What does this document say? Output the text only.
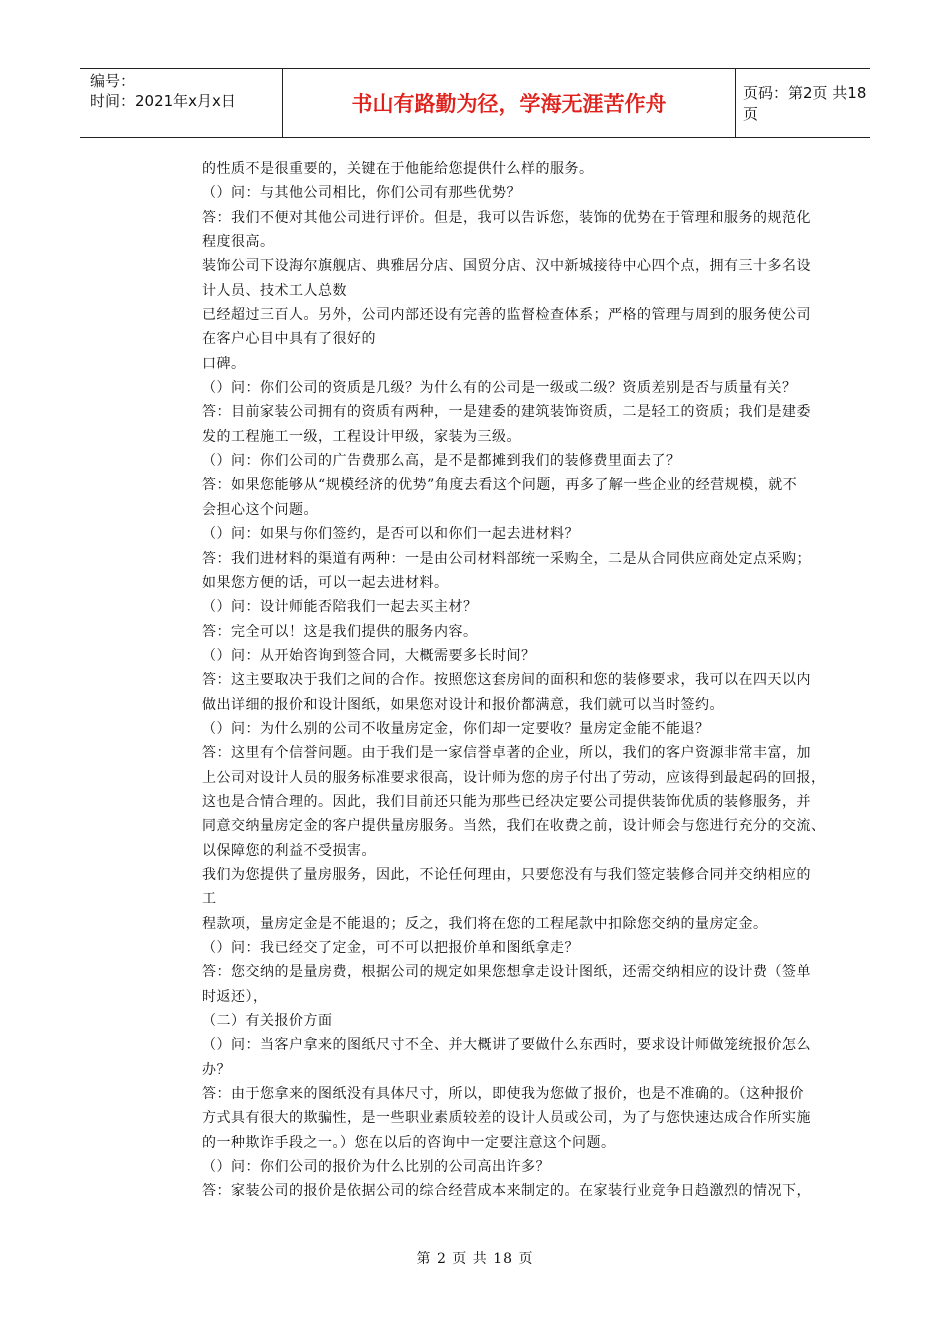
编号：
时间：2021年x月x日	书山有路勤为径，学海无涯苦作舟	页码：第2页 共18页
的性质不是很重要的，关键在于他能给您提供什么样的服务。
（）问：与其他公司相比，你们公司有那些优势？
答：我们不便对其他公司进行评价。但是，我可以告诉您，装饰的优势在于管理和服务的规范化
程度很高。
装饰公司下设海尔旗舰店、典雅居分店、国贸分店、汉中新城接待中心四个点，拥有三十多名设
计人员、技术工人总数
已经超过三百人。另外，公司内部还设有完善的监督检查体系；严格的管理与周到的服务使公司
在客户心目中具有了很好的
口碑。
（）问：你们公司的资质是几级？为什么有的公司是一级或二级？资质差别是否与质量有关？
答：目前家装公司拥有的资质有两种，一是建委的建筑装饰资质，二是轻工的资质；我们是建委
发的工程施工一级，工程设计甲级，家装为三级。
（）问：你们公司的广告费那么高，是不是都摊到我们的装修费里面去了？
答：如果您能够从“规模经济的优势”角度去看这个问题，再多了解一些企业的经营规模，就不
会担心这个问题。
（）问：如果与你们签约，是否可以和你们一起去进材料？
答：我们进材料的渠道有两种：一是由公司材料部统一采购全，二是从合同供应商处定点采购；
如果您方便的话，可以一起去进材料。
（）问：设计师能否陪我们一起去买主材？
答：完全可以！这是我们提供的服务内容。
（）问：从开始咨询到签合同，大概需要多长时间？
答：这主要取决于我们之间的合作。按照您这套房间的面积和您的装修要求，我可以在四天以内
做出详细的报价和设计图纸，如果您对设计和报价都满意，我们就可以当时签约。
（）问：为什么别的公司不收量房定金，你们却一定要收？量房定金能不能退？
答：这里有个信誉问题。由于我们是一家信誉卓著的企业，所以，我们的客户资源非常丰富，加
上公司对设计人员的服务标准要求很高，设计师为您的房子付出了劳动，应该得到最起码的回报，
这也是合情合理的。因此，我们目前还只能为那些已经决定要公司提供装饰优质的装修服务，并
同意交纳量房定金的客户提供量房服务。当然，我们在收费之前，设计师会与您进行充分的交流、
以保障您的利益不受损害。
我们为您提供了量房服务，因此，不论任何理由，只要您没有与我们签定装修合同并交纳相应的
工
程款项，量房定金是不能退的；反之，我们将在您的工程尾款中扣除您交纳的量房定金。
（）问：我已经交了定金，可不可以把报价单和图纸拿走？
答：您交纳的是量房费，根据公司的规定如果您想拿走设计图纸，还需交纳相应的设计费（签单
时返还），
（二）有关报价方面
（）问：当客户拿来的图纸尺寸不全、并大概讲了要做什么东西时，要求设计师做笼统报价怎么
办？
答：由于您拿来的图纸没有具体尺寸，所以，即使我为您做了报价，也是不准确的。（这种报价
方式具有很大的欺骗性，是一些职业素质较差的设计人员或公司，为了与您快速达成合作所实施
的一种欺诈手段之一。）您在以后的咨询中一定要注意这个问题。
（）问：你们公司的报价为什么比别的公司高出许多？
答：家装公司的报价是依据公司的综合经营成本来制定的。在家装行业竞争日趋激烈的情况下，
第 2 页 共 18 页
